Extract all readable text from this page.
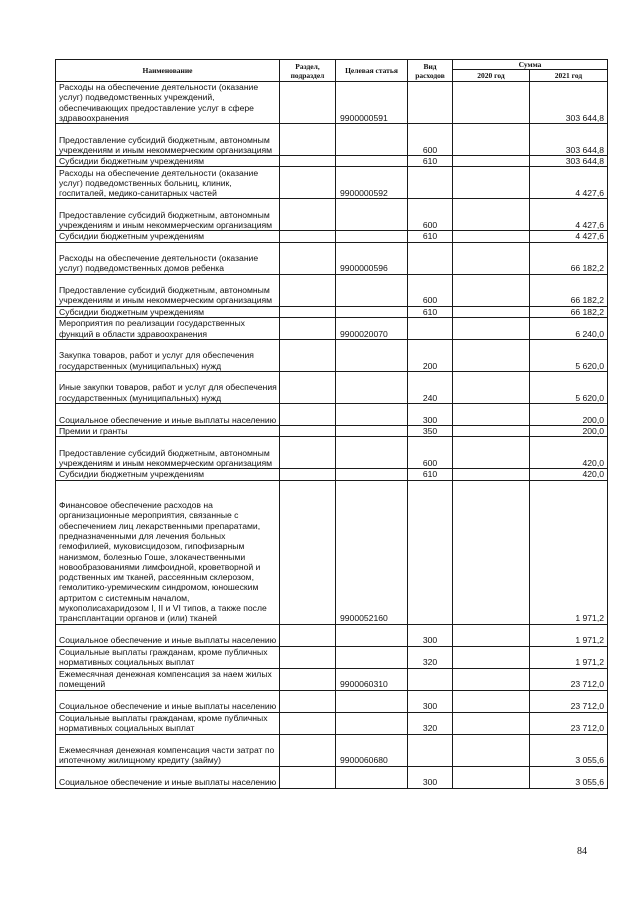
Наименование	Раздел, подраздел	Целевая статья	Вид расходов	Сумма	
				2020 год	2021 год
Расходы на обеспечение деятельности (оказание услуг) подведомственных учреждений, обеспечивающих предоставление услуг в сфере здравоохранения		9900000591			303 644,8
Предоставление субсидий бюджетным, автономным учреждениям и иным некоммерческим организациям			600		303 644,8
Субсидии бюджетным учреждениям			610		303 644,8
Расходы на обеспечение деятельности (оказание услуг) подведомственных больниц, клиник, госпиталей, медико-санитарных частей		9900000592			4 427,6
Предоставление субсидий бюджетным, автономным учреждениям и иным некоммерческим организациям			600		4 427,6
Субсидии бюджетным учреждениям			610		4 427,6
Расходы на обеспечение деятельности (оказание услуг) подведомственных домов ребенка		9900000596			66 182,2
Предоставление субсидий бюджетным, автономным учреждениям и иным некоммерческим организациям			600		66 182,2
Субсидии бюджетным учреждениям			610		66 182,2
Мероприятия по реализации государственных функций в области здравоохранения		9900020070			6 240,0
Закупка товаров, работ и услуг для обеспечения государственных (муниципальных) нужд			200		5 620,0
Иные закупки товаров, работ и услуг для обеспечения государственных (муниципальных) нужд			240		5 620,0
Социальное обеспечение и иные выплаты населению			300		200,0
Премии и гранты			350		200,0
Предоставление субсидий бюджетным, автономным учреждениям и иным некоммерческим организациям			600		420,0
Субсидии бюджетным учреждениям			610		420,0
Финансовое обеспечение расходов на организационные мероприятия, связанные с обеспечением лиц лекарственными препаратами, предназначенными для лечения больных гемофилией, муковисцидозом, гипофизарным нанизмом, болезнью Гоше, злокачественными новообразованиями лимфоидной, кроветворной и родственных им тканей, рассеянным склерозом, гемолитико-уремическим синдромом, юношеским артритом с системным началом, мукополисахаридозом I, II и VI типов, а также после трансплантации органов и (или) тканей		9900052160			1 971,2
Социальное обеспечение и иные выплаты населению			300		1 971,2
Социальные выплаты гражданам, кроме публичных нормативных социальных выплат			320		1 971,2
Ежемесячная денежная компенсация за наем жилых помещений		9900060310			23 712,0
Социальное обеспечение и иные выплаты населению			300		23 712,0
Социальные выплаты гражданам, кроме публичных нормативных социальных выплат			320		23 712,0
Ежемесячная денежная компенсация части затрат по ипотечному жилищному кредиту (займу)		9900060680			3 055,6
Социальное обеспечение и иные выплаты населению			300		3 055,6
84
